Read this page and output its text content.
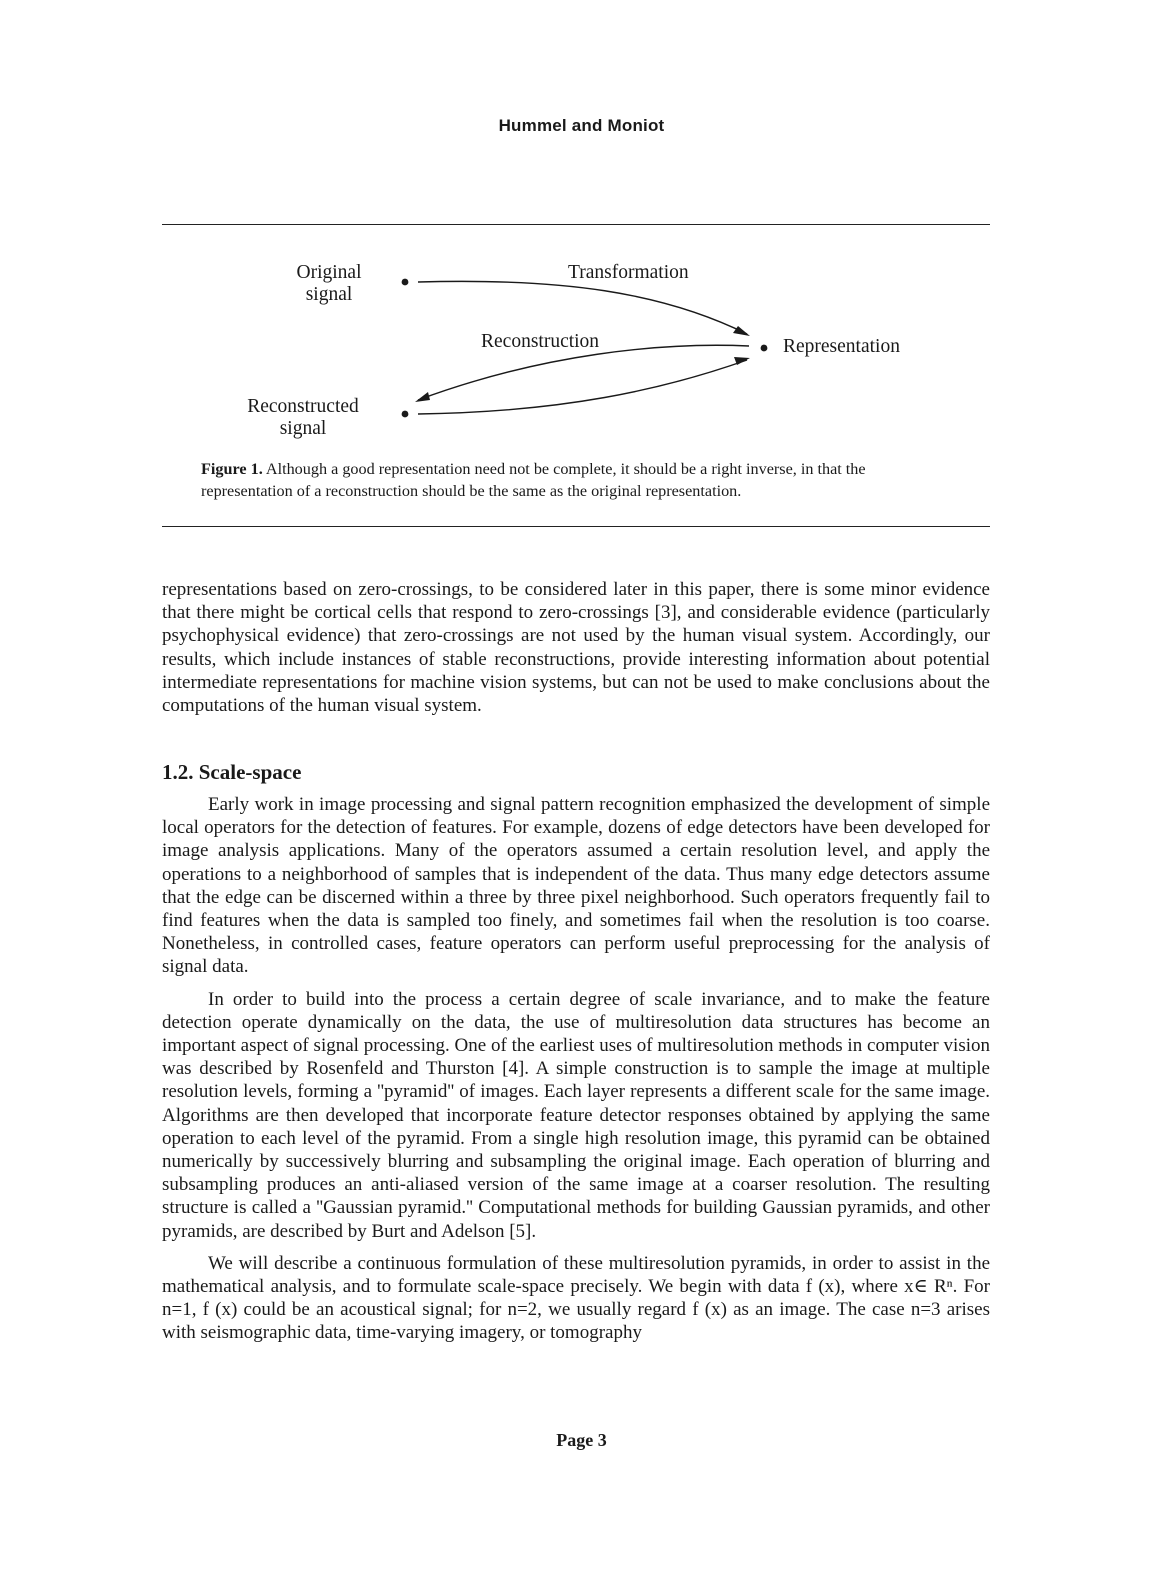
Hummel and Moniot
Original
signal
Transformation
Reconstruction	Representation
Reconstructed
signal
Figure 1. Although a good representation need not be complete, it should be a right inverse, in that the representation of a reconstruction should be the same as the original representation.

representations based on zero-crossings, to be considered later in this paper, there is some minor evidence that there might be cortical cells that respond to zero-crossings [3], and considerable evidence (particularly psychophysical evidence) that zero-crossings are not used by the human visual system. Accordingly, our results, which include instances of stable reconstructions, provide interesting information about potential intermediate representations for machine vision systems, but can not be used to make conclusions about the computations of the human visual system.

1.2. Scale-space

Early work in image processing and signal pattern recognition emphasized the development of simple local operators for the detection of features. For example, dozens of edge detectors have been developed for image analysis applications. Many of the operators assumed a certain resolution level, and apply the operations to a neighborhood of samples that is independent of the data. Thus many edge detectors assume that the edge can be discerned within a three by three pixel neighborhood. Such operators frequently fail to find features when the data is sampled too finely, and sometimes fail when the resolution is too coarse. Nonetheless, in controlled cases, feature operators can perform useful preprocessing for the analysis of signal data.

In order to build into the process a certain degree of scale invariance, and to make the feature detection operate dynamically on the data, the use of multiresolution data structures has become an important aspect of signal processing. One of the earliest uses of multiresolution methods in computer vision was described by Rosenfeld and Thurston [4]. A simple construction is to sample the image at multiple resolution levels, forming a ''pyramid'' of images. Each layer represents a different scale for the same image. Algorithms are then developed that incorporate feature detector responses obtained by applying the same operation to each level of the pyramid. From a single high resolution image, this pyramid can be obtained numerically by successively blurring and subsampling the original image. Each operation of blurring and subsampling produces an anti-aliased version of the same image at a coarser resolution. The resulting structure is called a ''Gaussian pyramid.'' Computational methods for building Gaussian pyramids, and other pyramids, are described by Burt and Adelson [5].

We will describe a continuous formulation of these multiresolution pyramids, in order to assist in the mathematical analysis, and to formulate scale-space precisely. We begin with data f (x), where x∈ Rⁿ. For n=1, f (x) could be an acoustical signal; for n=2, we usually regard f (x) as an image. The case n=3 arises with seismographic data, time-varying imagery, or tomography

Page 3
